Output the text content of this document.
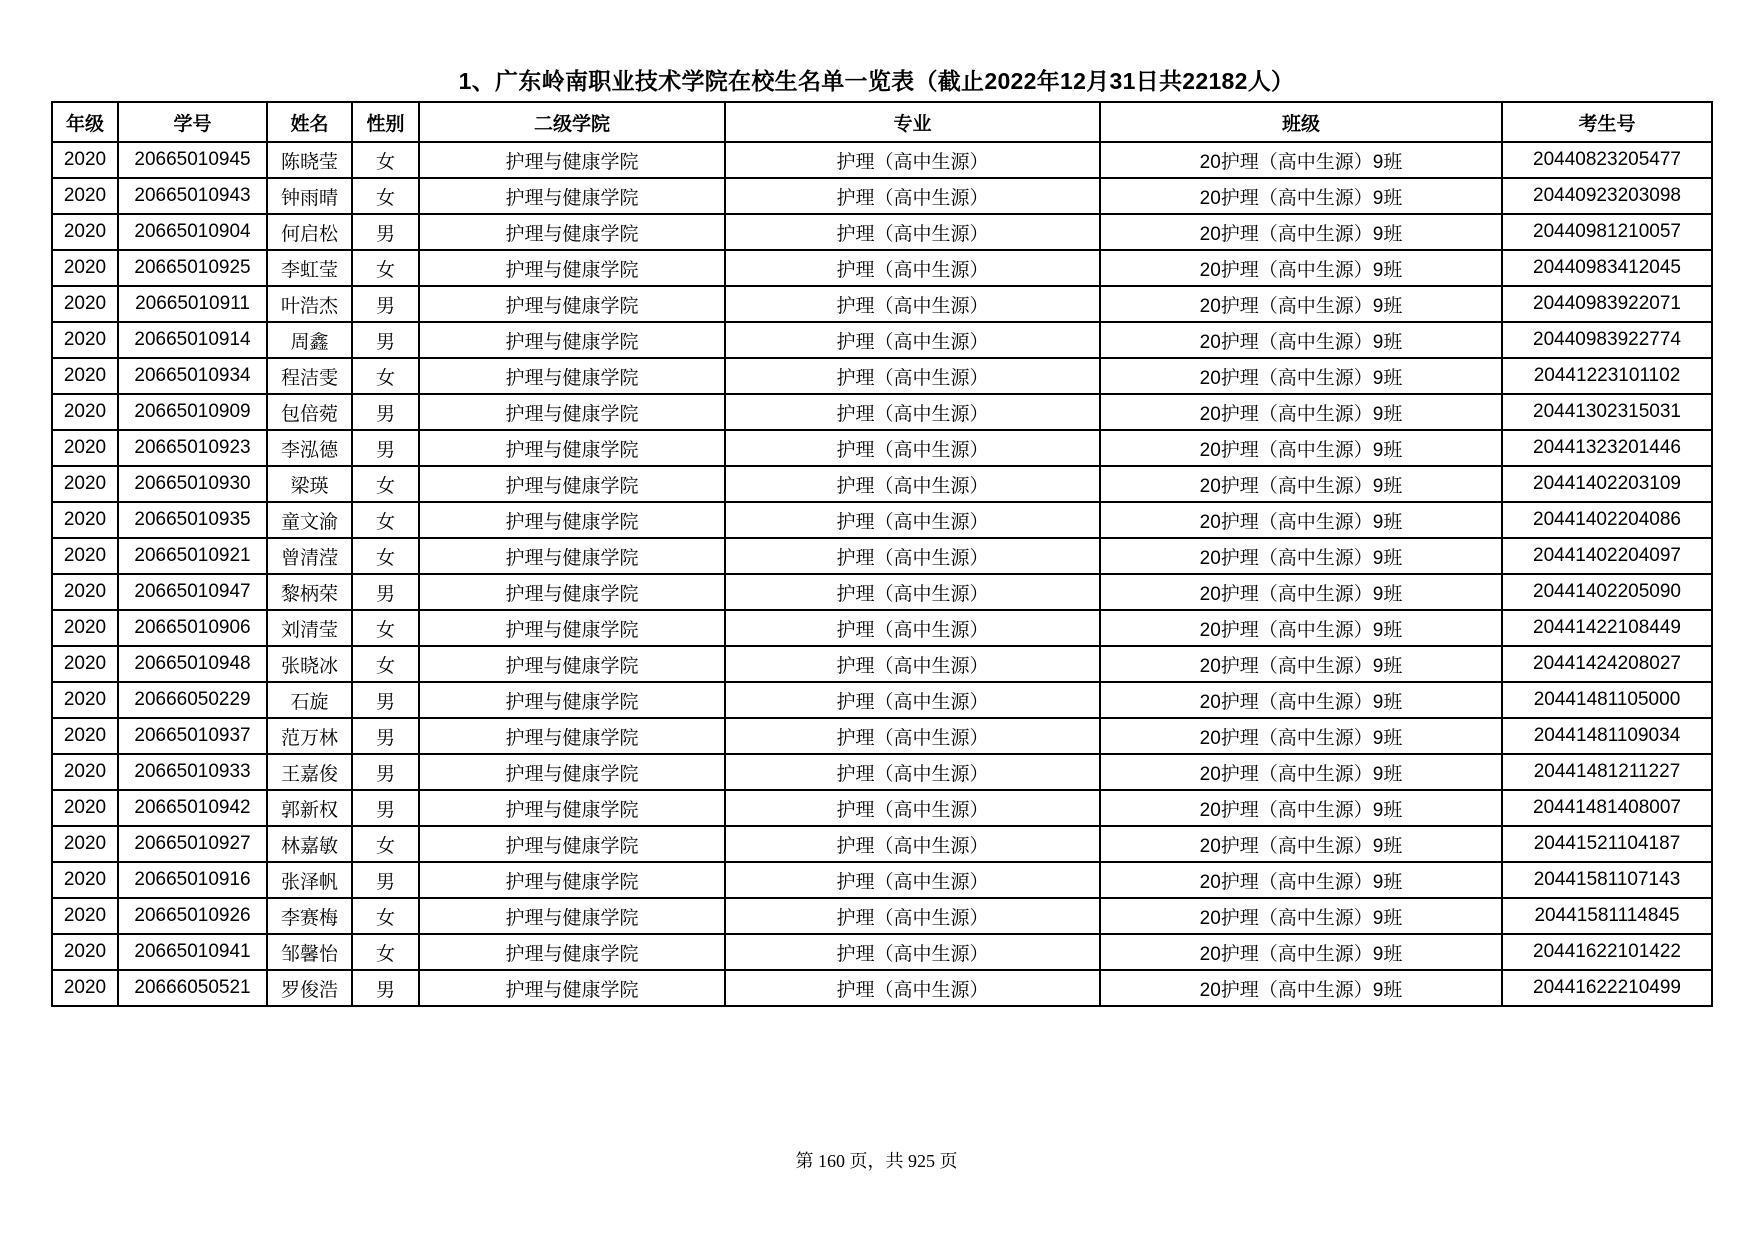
1、广东岭南职业技术学院在校生名单一览表（截止2022年12月31日共22182人）
年级	学号	姓名	性别	二级学院	专业	班级	考生号
2020	20665010945	陈晓莹	女	护理与健康学院	护理（高中生源）	20护理（高中生源）9班	20440823205477
2020	20665010943	钟雨晴	女	护理与健康学院	护理（高中生源）	20护理（高中生源）9班	20440923203098
2020	20665010904	何启松	男	护理与健康学院	护理（高中生源）	20护理（高中生源）9班	20440981210057
2020	20665010925	李虹莹	女	护理与健康学院	护理（高中生源）	20护理（高中生源）9班	20440983412045
2020	20665010911	叶浩杰	男	护理与健康学院	护理（高中生源）	20护理（高中生源）9班	20440983922071
2020	20665010914	周鑫	男	护理与健康学院	护理（高中生源）	20护理（高中生源）9班	20440983922774
2020	20665010934	程洁雯	女	护理与健康学院	护理（高中生源）	20护理（高中生源）9班	20441223101102
2020	20665010909	包倍菀	男	护理与健康学院	护理（高中生源）	20护理（高中生源）9班	20441302315031
2020	20665010923	李泓德	男	护理与健康学院	护理（高中生源）	20护理（高中生源）9班	20441323201446
2020	20665010930	梁瑛	女	护理与健康学院	护理（高中生源）	20护理（高中生源）9班	20441402203109
2020	20665010935	童文渝	女	护理与健康学院	护理（高中生源）	20护理（高中生源）9班	20441402204086
2020	20665010921	曾清滢	女	护理与健康学院	护理（高中生源）	20护理（高中生源）9班	20441402204097
2020	20665010947	黎柄荣	男	护理与健康学院	护理（高中生源）	20护理（高中生源）9班	20441402205090
2020	20665010906	刘清莹	女	护理与健康学院	护理（高中生源）	20护理（高中生源）9班	20441422108449
2020	20665010948	张晓冰	女	护理与健康学院	护理（高中生源）	20护理（高中生源）9班	20441424208027
2020	20666050229	石旋	男	护理与健康学院	护理（高中生源）	20护理（高中生源）9班	20441481105000
2020	20665010937	范万林	男	护理与健康学院	护理（高中生源）	20护理（高中生源）9班	20441481109034
2020	20665010933	王嘉俊	男	护理与健康学院	护理（高中生源）	20护理（高中生源）9班	20441481211227
2020	20665010942	郭新权	男	护理与健康学院	护理（高中生源）	20护理（高中生源）9班	20441481408007
2020	20665010927	林嘉敏	女	护理与健康学院	护理（高中生源）	20护理（高中生源）9班	20441521104187
2020	20665010916	张泽帆	男	护理与健康学院	护理（高中生源）	20护理（高中生源）9班	20441581107143
2020	20665010926	李赛梅	女	护理与健康学院	护理（高中生源）	20护理（高中生源）9班	20441581114845
2020	20665010941	邹馨怡	女	护理与健康学院	护理（高中生源）	20护理（高中生源）9班	20441622101422
2020	20666050521	罗俊浩	男	护理与健康学院	护理（高中生源）	20护理（高中生源）9班	20441622210499
第 160 页，共 925 页
